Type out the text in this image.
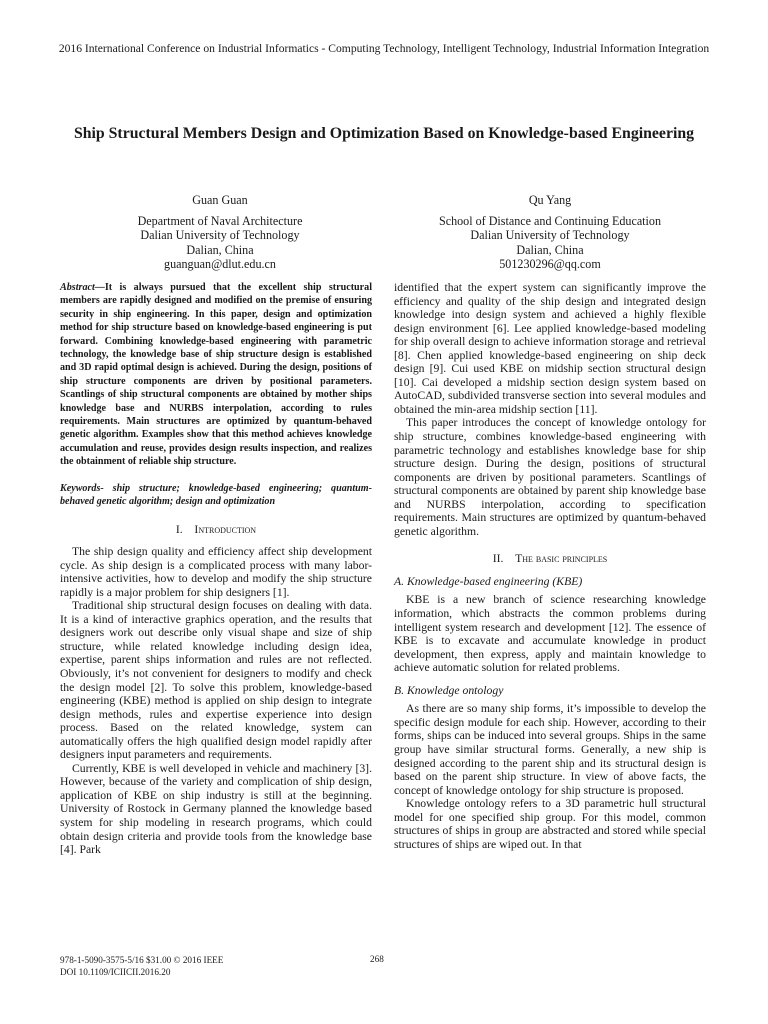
2016 International Conference on Industrial Informatics - Computing Technology, Intelligent Technology, Industrial Information Integration
Ship Structural Members Design and Optimization Based on Knowledge-based Engineering
Guan Guan
Department of Naval Architecture
Dalian University of Technology
Dalian, China
guanguan@dlut.edu.cn
Qu Yang
School of Distance and Continuing Education
Dalian University of Technology
Dalian, China
501230296@qq.com
Abstract—It is always pursued that the excellent ship structural members are rapidly designed and modified on the premise of ensuring security in ship engineering. In this paper, design and optimization method for ship structure based on knowledge-based engineering is put forward. Combining knowledge-based engineering with parametric technology, the knowledge base of ship structure design is established and 3D rapid optimal design is achieved. During the design, positions of ship structure components are driven by positional parameters. Scantlings of ship structural components are obtained by mother ships knowledge base and NURBS interpolation, according to rules requirements. Main structures are optimized by quantum-behaved genetic algorithm. Examples show that this method achieves knowledge accumulation and reuse, provides design results inspection, and realizes the obtainment of reliable ship structure.
Keywords- ship structure; knowledge-based engineering; quantum-behaved genetic algorithm; design and optimization
I. Introduction

The ship design quality and efficiency affect ship development cycle. As ship design is a complicated process with many labor-intensive activities, how to develop and modify the ship structure rapidly is a major problem for ship designers [1].

Traditional ship structural design focuses on dealing with data. It is a kind of interactive graphics operation, and the results that designers work out describe only visual shape and size of ship structure, while related knowledge including design idea, expertise, parent ships information and rules are not reflected. Obviously, it’s not convenient for designers to modify and check the design model [2]. To solve this problem, knowledge-based engineering (KBE) method is applied on ship design to integrate design methods, rules and expertise experience into design process. Based on the related knowledge, system can automatically offers the high qualified design model rapidly after designers input parameters and requirements.

Currently, KBE is well developed in vehicle and machinery [3]. However, because of the variety and complication of ship design, application of KBE on ship industry is still at the beginning. University of Rostock in Germany planned the knowledge based system for ship modeling in research programs, which could obtain design criteria and provide tools from the knowledge base [4]. Park

identified that the expert system can significantly improve the efficiency and quality of the ship design and integrated design knowledge into design system and achieved a highly flexible design environment [6]. Lee applied knowledge-based modeling for ship overall design to achieve information storage and retrieval [8]. Chen applied knowledge-based engineering on ship deck design [9]. Cui used KBE on midship section structural design [10]. Cai developed a midship section design system based on AutoCAD, subdivided transverse section into several modules and obtained the min-area midship section [11].

This paper introduces the concept of knowledge ontology for ship structure, combines knowledge-based engineering with parametric technology and establishes knowledge base for ship structure design. During the design, positions of structural components are driven by positional parameters. Scantlings of structural components are obtained by parent ship knowledge base and NURBS interpolation, according to specification requirements. Main structures are optimized by quantum-behaved genetic algorithm.

II. The basic principles
A. Knowledge-based engineering (KBE)

KBE is a new branch of science researching knowledge information, which abstracts the common problems during intelligent system research and development [12]. The essence of KBE is to excavate and accumulate knowledge in product development, then express, apply and maintain knowledge to achieve automatic solution for related problems.

B. Knowledge ontology

As there are so many ship forms, it’s impossible to develop the specific design module for each ship. However, according to their forms, ships can be induced into several groups. Ships in the same group have similar structural forms. Generally, a new ship is designed according to the parent ship and its structural design is based on the parent ship structure. In view of above facts, the concept of knowledge ontology for ship structure is proposed.

Knowledge ontology refers to a 3D parametric hull structural model for one specified ship group. For this model, common structures of ships in group are abstracted and stored while special structures of ships are wiped out. In that

978-1-5090-3575-5/16 $31.00 © 2016 IEEE
DOI 10.1109/ICIICII.2016.20
268
